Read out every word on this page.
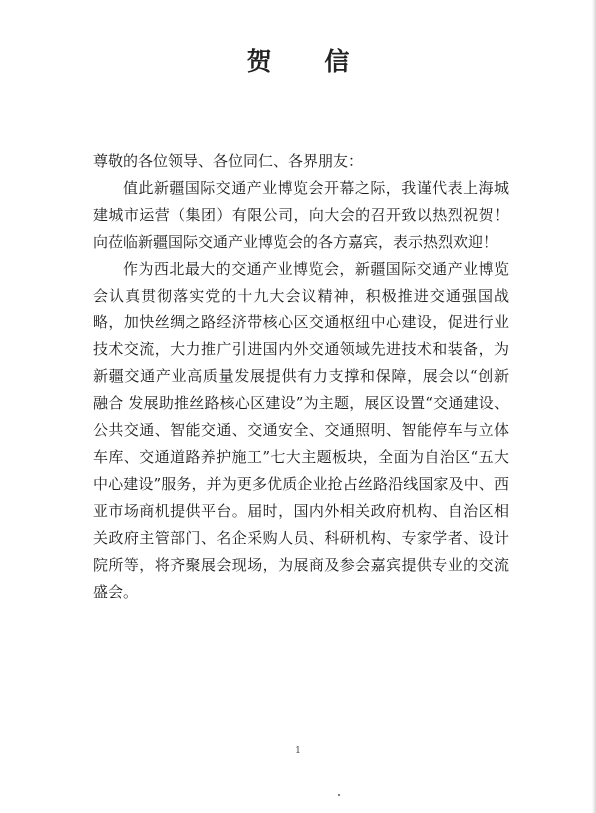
贺 信

尊敬的各位领导、各位同仁、各界朋友：

值此新疆国际交通产业博览会开幕之际，我谨代表上海城建城市运营（集团）有限公司，向大会的召开致以热烈祝贺！向莅临新疆国际交通产业博览会的各方嘉宾，表示热烈欢迎！

作为西北最大的交通产业博览会，新疆国际交通产业博览会认真贯彻落实党的十九大会议精神，积极推进交通强国战略，加快丝绸之路经济带核心区交通枢纽中心建设，促进行业技术交流，大力推广引进国内外交通领域先进技术和装备，为新疆交通产业高质量发展提供有力支撑和保障，展会以“创新 融合 发展助推丝路核心区建设”为主题，展区设置“交通建设、公共交通、智能交通、交通安全、交通照明、智能停车与立体车库、交通道路养护施工”七大主题板块，全面为自治区“五大中心建设”服务，并为更多优质企业抢占丝路沿线国家及中、西亚市场商机提供平台。届时，国内外相关政府机构、自治区相关政府主管部门、名企采购人员、科研机构、专家学者、设计院所等，将齐聚展会现场，为展商及参会嘉宾提供专业的交流盛会。

1
